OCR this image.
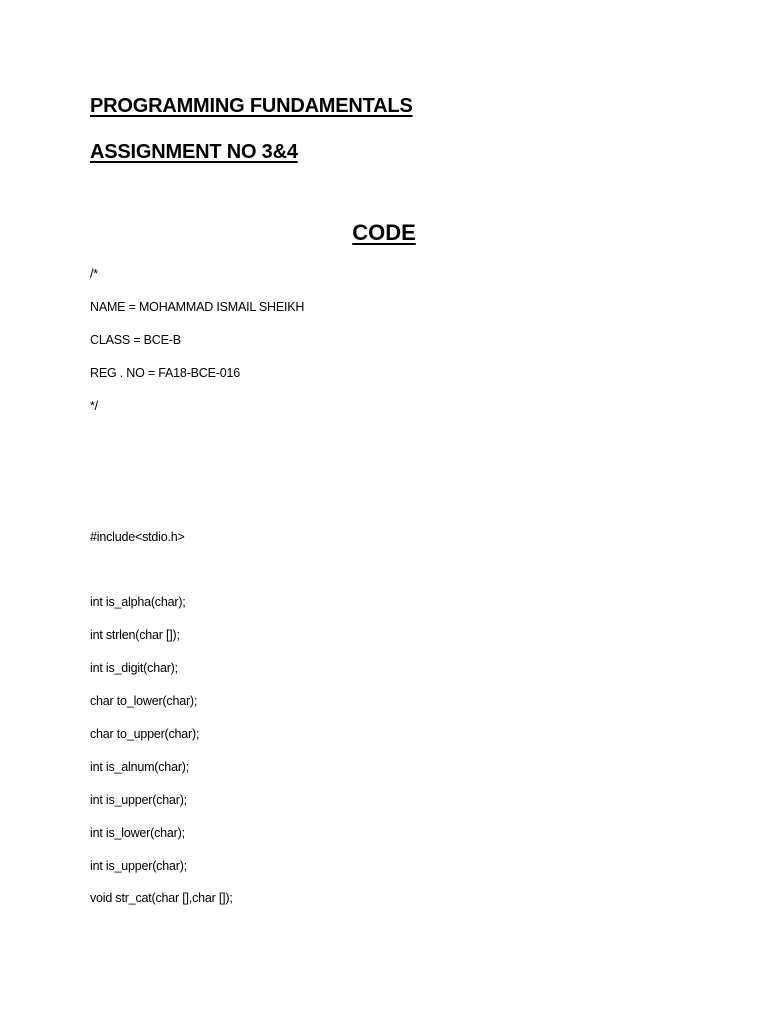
PROGRAMMING FUNDAMENTALS
ASSIGNMENT NO 3&4
CODE

/*

NAME = MOHAMMAD ISMAIL SHEIKH

CLASS = BCE-B

REG . NO = FA18-BCE-016

*/

#include<stdio.h>

int is_alpha(char);

int strlen(char []);

int is_digit(char);

char to_lower(char);

char to_upper(char);

int is_alnum(char);

int is_upper(char);

int is_lower(char);

int is_upper(char);

void str_cat(char [],char []);
